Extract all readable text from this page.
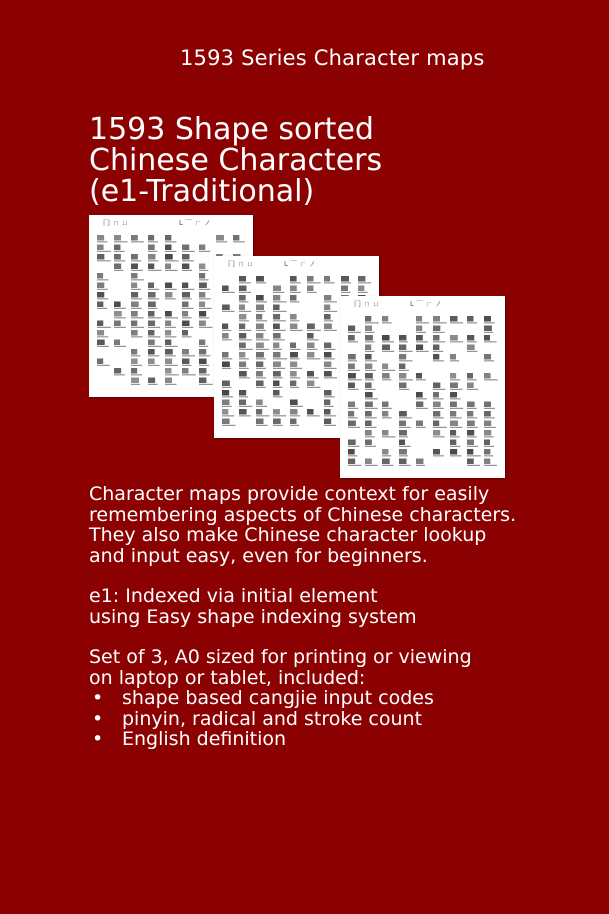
1593 Series Character maps
1593 Shape sorted
Chinese Characters
(e1-Traditional)
冂 ㄇ ㄩ	L ⌒ ㄏ ノ
冂 ㄇ ㄩ	L ⌒ ㄏ ノ
冂 ㄇ ㄩ	L ⌒ ㄏ ノ

Character maps provide context for easily

remembering aspects of Chinese characters.

They also make Chinese character lookup

and input easy, even for beginners.

e1: Indexed via initial element

using Easy shape indexing system

Set of 3, A0 sized for printing or viewing

on laptop or tablet, included:

• shape based cangjie input codes
• pinyin, radical and stroke count
• English definition
